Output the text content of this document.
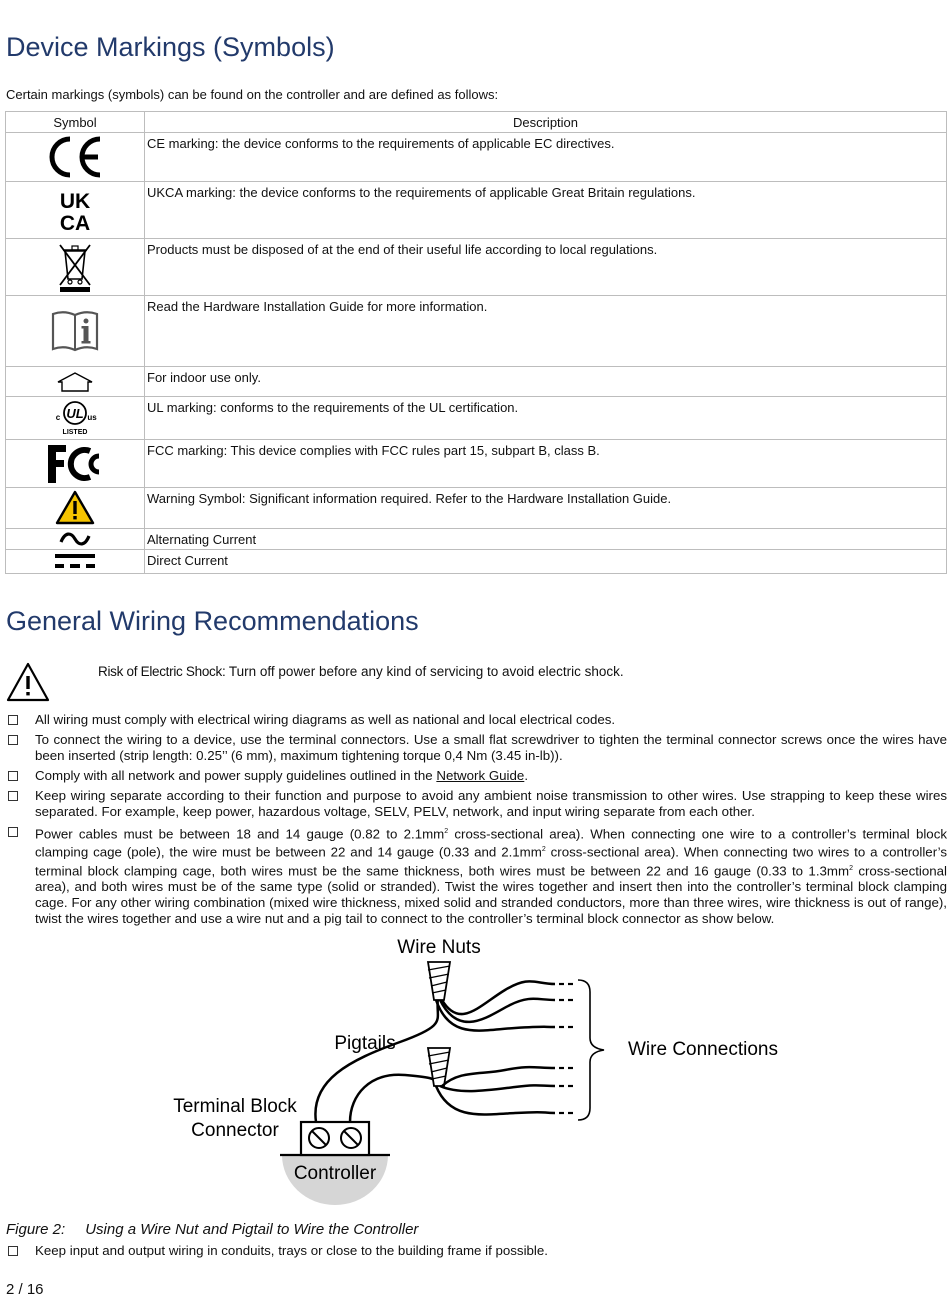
Device Markings (Symbols)
Certain markings (symbols) can be found on the controller and are defined as follows:
Symbol	Description

	CE marking: the device conforms to the requirements of applicable EC directives.

UK
CA	UKCA marking: the device conforms to the requirements of applicable Great Britain regulations.

	Products must be disposed of at the end of their useful life according to local regulations.

	Read the Hardware Installation Guide for more information.

	For indoor use only.

UL
c us
LISTED	UL marking: conforms to the requirements of the UL certification.

	FCC marking: This device complies with FCC rules part 15, subpart B, class B.

	Warning Symbol: Significant information required. Refer to the Hardware Installation Guide.

	Alternating Current

	Direct Current
General Wiring Recommendations
Risk of Electric Shock: Turn off power before any kind of servicing to avoid electric shock.
All wiring must comply with electrical wiring diagrams as well as national and local electrical codes.
To connect the wiring to a device, use the terminal connectors. Use a small flat screwdriver to tighten the terminal connector screws once the wires have been inserted (strip length: 0.25’’ (6 mm), maximum tightening torque 0,4 Nm (3.45 in-lb)).
Comply with all network and power supply guidelines outlined in the Network Guide.
Keep wiring separate according to their function and purpose to avoid any ambient noise transmission to other wires. Use strapping to keep these wires separated. For example, keep power, hazardous voltage, SELV, PELV, network, and input wiring separate from each other.
Power cables must be between 18 and 14 gauge (0.82 to $2.1mm^2$ cross-sectional area). When connecting one wire to a controller’s terminal block clamping cage (pole), the wire must be between 22 and 14 gauge (0.33 and $2.1mm^2$ cross-sectional area). When connecting two wires to a controller’s terminal block clamping cage, both wires must be the same thickness, both wires must be between 22 and 16 gauge (0.33 to $1.3mm^2$ cross-sectional area), and both wires must be of the same type (solid or stranded). Twist the wires together and insert then into the controller’s terminal block clamping cage. For any other wiring combination (mixed wire thickness, mixed solid and stranded conductors, more than three wires, wire thickness is out of range), twist the wires together and use a wire nut and a pig tail to connect to the controller’s terminal block connector as show below.
Wire Nuts
Pigtails	Wire Connections
Terminal Block
Connector
Controller
Figure 2: Using a Wire Nut and Pigtail to Wire the Controller
Keep input and output wiring in conduits, trays or close to the building frame if possible.
2 / 16
